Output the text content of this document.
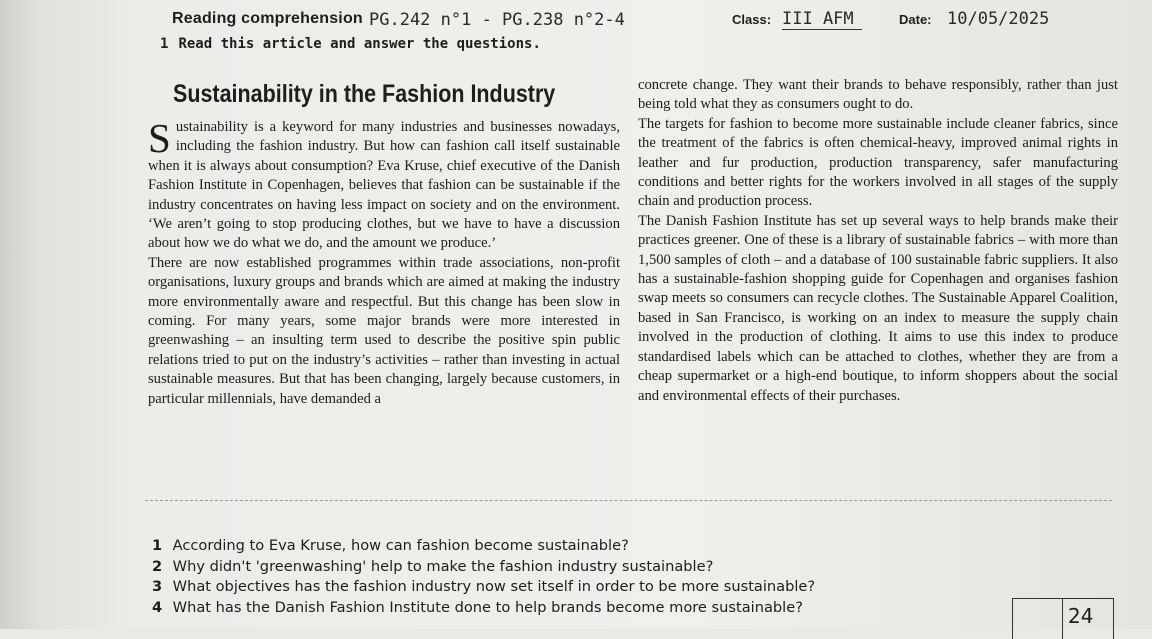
Reading comprehension PG.242 n°1 - PG.238 n°2-4	Class: III AFM	Date: 10/05/2025
1 Read this article and answer the questions.
Sustainability in the Fashion Industry

Sustainability is a keyword for many industries and businesses nowadays, including the fashion industry. But how can fashion call itself sustainable when it is always about consumption? Eva Kruse, chief executive of the Danish Fashion Institute in Copenhagen, believes that fashion can be sustainable if the industry concentrates on having less impact on society and on the environment. ‘We aren’t going to stop producing clothes, but we have to have a discussion about how we do what we do, and the amount we produce.’

There are now established programmes within trade associations, non-profit organisations, luxury groups and brands which are aimed at making the industry more environmentally aware and respectful. But this change has been slow in coming. For many years, some major brands were more interested in greenwashing – an insulting term used to describe the positive spin public relations tried to put on the industry’s activities – rather than investing in actual sustainable measures. But that has been changing, largely because customers, in particular millennials, have demanded a

concrete change. They want their brands to behave responsibly, rather than just being told what they as consumers ought to do.

The targets for fashion to become more sustainable include cleaner fabrics, since the treatment of the fabrics is often chemical-heavy, improved animal rights in leather and fur production, production transparency, safer manufacturing conditions and better rights for the workers involved in all stages of the supply chain and production process.

The Danish Fashion Institute has set up several ways to help brands make their practices greener. One of these is a library of sustainable fabrics – with more than 1,500 samples of cloth – and a database of 100 sustainable fabric suppliers. It also has a sustainable-fashion shopping guide for Copenhagen and organises fashion swap meets so consumers can recycle clothes. The Sustainable Apparel Coalition, based in San Francisco, is working on an index to measure the supply chain involved in the production of clothing. It aims to use this index to produce standardised labels which can be attached to clothes, whether they are from a cheap supermarket or a high-end boutique, to inform shoppers about the social and environmental effects of their purchases.

1 According to Eva Kruse, how can fashion become sustainable?
2 Why didn't 'greenwashing' help to make the fashion industry sustainable?
3 What objectives has the fashion industry now set itself in order to be more sustainable?
4 What has the Danish Fashion Institute done to help brands become more sustainable?	24
